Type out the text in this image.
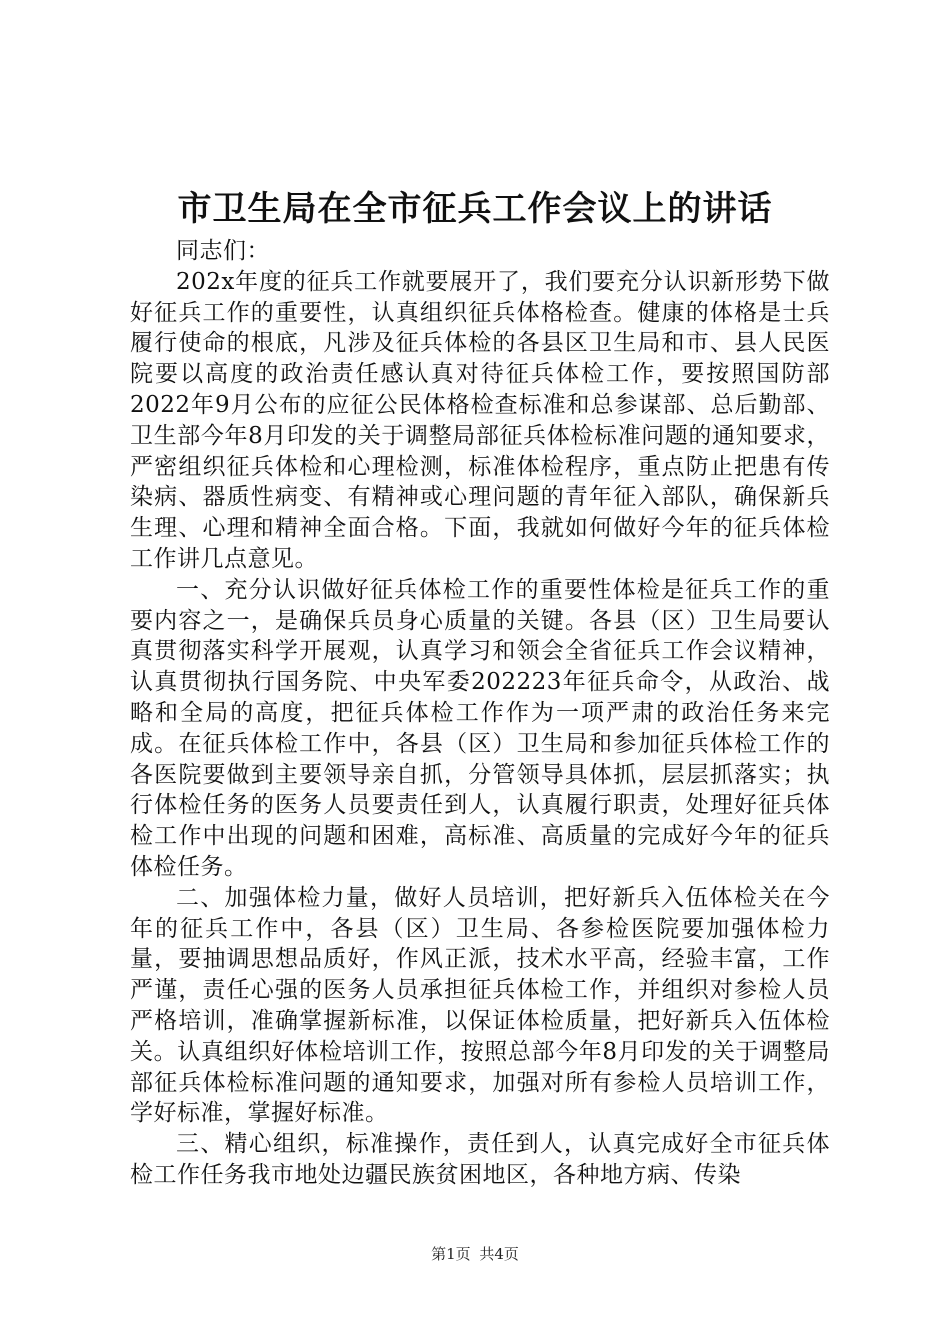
市卫生局在全市征兵工作会议上的讲话

同志们：

202x年度的征兵工作就要展开了，我们要充分认识新形势下做好征兵工作的重要性，认真组织征兵体格检查。健康的体格是士兵履行使命的根底，凡涉及征兵体检的各县区卫生局和市、县人民医院要以高度的政治责任感认真对待征兵体检工作，要按照国防部2022年9月公布的应征公民体格检查标准和总参谋部、总后勤部、卫生部今年8月印发的关于调整局部征兵体检标准问题的通知要求，严密组织征兵体检和心理检测，标准体检程序，重点防止把患有传染病、器质性病变、有精神或心理问题的青年征入部队，确保新兵生理、心理和精神全面合格。下面，我就如何做好今年的征兵体检工作讲几点意见。

一、充分认识做好征兵体检工作的重要性体检是征兵工作的重要内容之一，是确保兵员身心质量的关键。各县（区）卫生局要认真贯彻落实科学开展观，认真学习和领会全省征兵工作会议精神，认真贯彻执行国务院、中央军委202223年征兵命令，从政治、战略和全局的高度，把征兵体检工作作为一项严肃的政治任务来完成。在征兵体检工作中，各县（区）卫生局和参加征兵体检工作的各医院要做到主要领导亲自抓，分管领导具体抓，层层抓落实；执行体检任务的医务人员要责任到人，认真履行职责，处理好征兵体检工作中出现的问题和困难，高标准、高质量的完成好今年的征兵体检任务。

二、加强体检力量，做好人员培训，把好新兵入伍体检关在今年的征兵工作中，各县（区）卫生局、各参检医院要加强体检力量，要抽调思想品质好，作风正派，技术水平高，经验丰富，工作严谨，责任心强的医务人员承担征兵体检工作，并组织对参检人员严格培训，准确掌握新标准，以保证体检质量，把好新兵入伍体检关。认真组织好体检培训工作，按照总部今年8月印发的关于调整局部征兵体检标准问题的通知要求，加强对所有参检人员培训工作，学好标准，掌握好标准。

三、精心组织，标准操作，责任到人，认真完成好全市征兵体检工作任务我市地处边疆民族贫困地区，各种地方病、传染

第1页 共4页
